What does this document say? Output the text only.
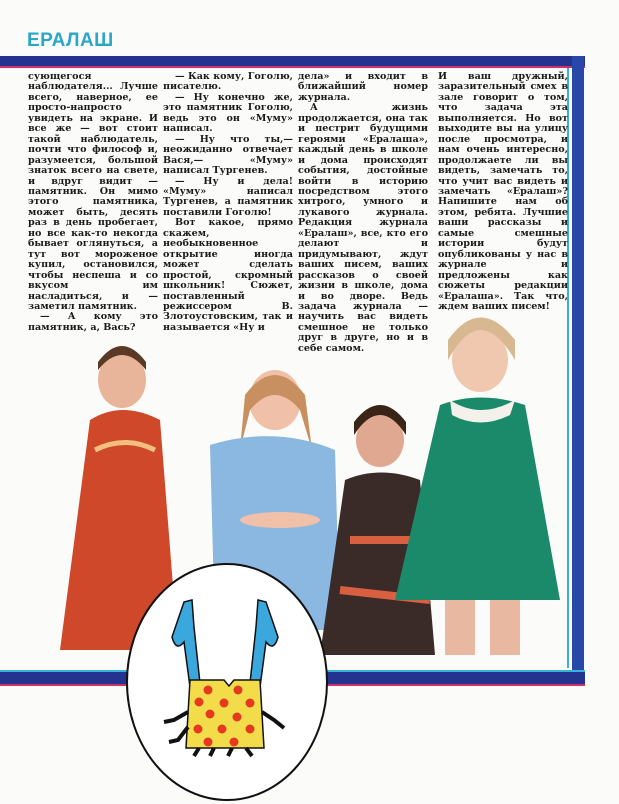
ЕРАЛАШ

сующегося наблюдателя... Лучше всего, наверное, ее просто-напросто увидеть на экране. И все же — вот стоит такой наблюдатель, почти что философ и, разумеется, большой знаток всего на свете, и вдруг видит — памятник. Он мимо этого памятника, может быть, десять раз в день пробегает, но все как-то некогда бывает оглянуться, а тут вот мороженое купил, остановился, чтобы неспеша и со вкусом им насладиться, и — заметил памятник.

— А кому это памятник, а, Вась?

— Как кому, Гоголю, писателю.

— Ну конечно же, это памятник Гоголю, ведь это он «Муму» написал.

— Ну что ты,— неожиданно отвечает Вася,— «Муму» написал Тургенев.

— Ну и дела! «Муму» написал Тургенев, а памятник поставили Гоголю!

Вот какое, прямо скажем, необыкновенное открытие иногда может сделать простой, скромный школьник! Сюжет, поставленный режиссером В. Злотоустовским, так и называется «Ну и

дела» и входит в ближайший номер журнала.

А жизнь продолжается, она так и пестрит будущими героями «Ералаша», каждый день в школе и дома происходят события, достойные войти в историю посредством этого хитрого, умного и лукавого журнала. Редакция журнала «Ералаш», все, кто его делают и придумывают, ждут ваших писем, ваших рассказов о своей жизни в школе, дома и во дворе. Ведь задача журнала — научить вас видеть смешное не только друг в друге, но и в себе самом.

И ваш дружный, заразительный смех в зале говорит о том, что задача эта выполняется. Но вот выходите вы на улицу после просмотра, и нам очень интересно, продолжаете ли вы видеть, замечать то, что учит вас видеть и замечать «Ералаш»? Напишите нам об этом, ребята. Лучшие ваши рассказы и самые смешные истории будут опубликованы у нас в журнале и предложены как сюжеты редакции «Ералаша». Так что, ждем ваших писем!
